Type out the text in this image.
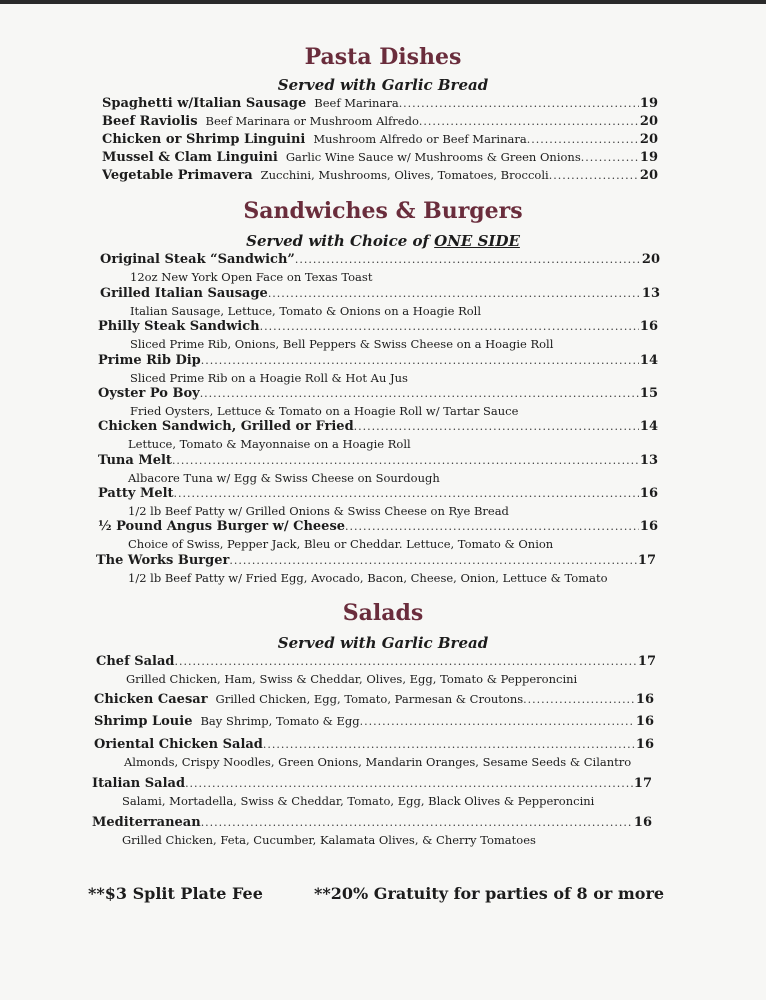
Pasta Dishes
Served with Garlic Bread
Spaghetti w/Italian Sausage Beef Marinara .....	19
Beef Raviolis Beef Marinara or Mushroom Alfredo .....	20
Chicken or Shrimp Linguini Mushroom Alfredo or Beef Marinara .....	20
Mussel & Clam Linguini Garlic Wine Sauce w/ Mushrooms & Green Onions .....	19
Vegetable Primavera Zucchini, Mushrooms, Olives, Tomatoes, Broccoli .....	20
Sandwiches & Burgers
Served with Choice of ONE SIDE
Original Steak “Sandwich” .....	20
12oz New York Open Face on Texas Toast
Grilled Italian Sausage .....	13
Italian Sausage, Lettuce, Tomato & Onions on a Hoagie Roll
Philly Steak Sandwich .....	16
Sliced Prime Rib, Onions, Bell Peppers & Swiss Cheese on a Hoagie Roll
Prime Rib Dip .....	14
Sliced Prime Rib on a Hoagie Roll & Hot Au Jus
Oyster Po Boy .....	15
Fried Oysters, Lettuce & Tomato on a Hoagie Roll w/ Tartar Sauce
Chicken Sandwich, Grilled or Fried .....	14
Lettuce, Tomato & Mayonnaise on a Hoagie Roll
Tuna Melt .....	13
Albacore Tuna w/ Egg & Swiss Cheese on Sourdough
Patty Melt .....	16
1/2 lb Beef Patty w/ Grilled Onions & Swiss Cheese on Rye Bread
½ Pound Angus Burger w/ Cheese .....	16
Choice of Swiss, Pepper Jack, Bleu or Cheddar. Lettuce, Tomato & Onion
The Works Burger .....	17
1/2 lb Beef Patty w/ Fried Egg, Avocado, Bacon, Cheese, Onion, Lettuce & Tomato
Salads
Served with Garlic Bread
Chef Salad .....	17
Grilled Chicken, Ham, Swiss & Cheddar, Olives, Egg, Tomato & Pepperoncini
Chicken Caesar Grilled Chicken, Egg, Tomato, Parmesan & Croutons .....	16
Shrimp Louie Bay Shrimp, Tomato & Egg .....	16
Oriental Chicken Salad .....	16
Almonds, Crispy Noodles, Green Onions, Mandarin Oranges, Sesame Seeds & Cilantro
Italian Salad .....	17
Salami, Mortadella, Swiss & Cheddar, Tomato, Egg, Black Olives & Pepperoncini
Mediterranean .....	16
Grilled Chicken, Feta, Cucumber, Kalamata Olives, & Cherry Tomatoes
**$3 Split Plate Fee	**20% Gratuity for parties of 8 or more
